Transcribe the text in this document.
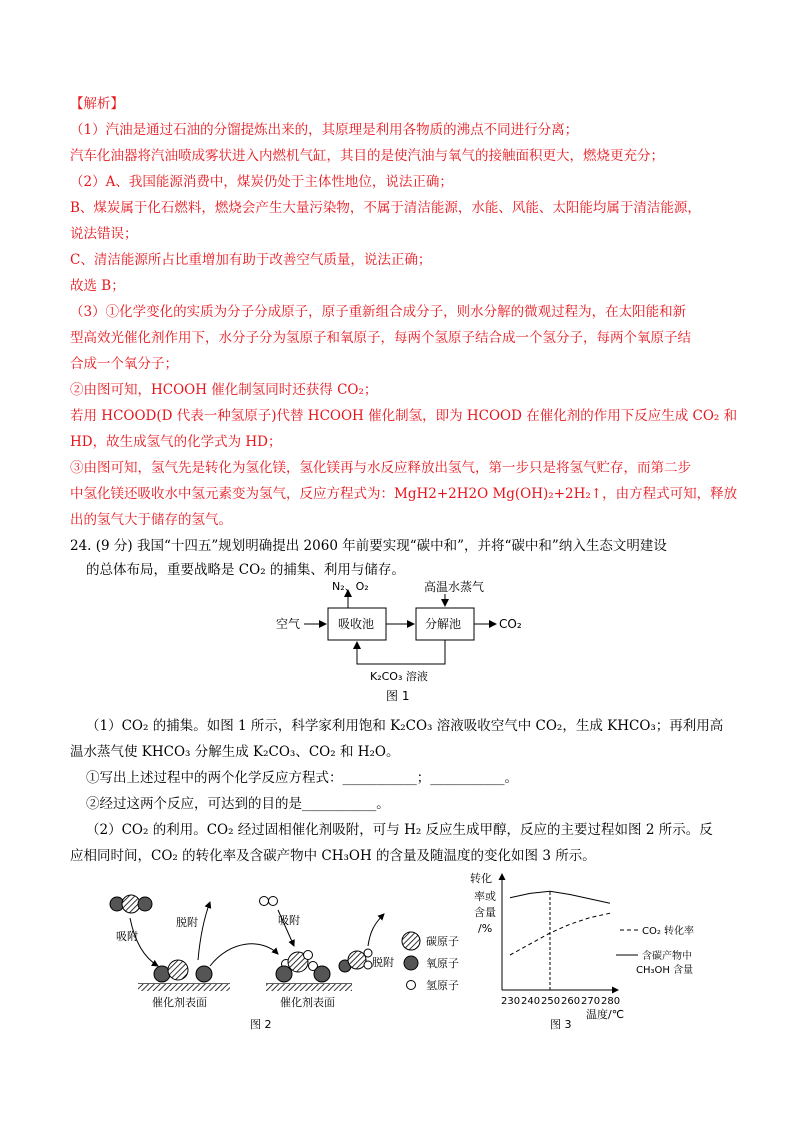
【解析】
（1）汽油是通过石油的分馏提炼出来的，其原理是利用各物质的沸点不同进行分离；
汽车化油器将汽油喷成雾状进入内燃机气缸，其目的是使汽油与氧气的接触面积更大，燃烧更充分；
（2）A、我国能源消费中，煤炭仍处于主体性地位，说法正确；
B、煤炭属于化石燃料，燃烧会产生大量污染物，不属于清洁能源，水能、风能、太阳能均属于清洁能源，
说法错误；
C、清洁能源所占比重增加有助于改善空气质量，说法正确；
故选 B；
（3）①化学变化的实质为分子分成原子，原子重新组合成分子，则水分解的微观过程为，在太阳能和新
型高效光催化剂作用下，水分子分为氢原子和氧原子，每两个氢原子结合成一个氢分子，每两个氧原子结
合成一个氧分子；
②由图可知，HCOOH 催化制氢同时还获得 CO₂；
若用 HCOOD(D 代表一种氢原子)代替 HCOOH 催化制氢，即为 HCOOD 在催化剂的作用下反应生成 CO₂ 和
HD，故生成氢气的化学式为 HD；
③由图可知，氢气先是转化为氢化镁，氢化镁再与水反应释放出氢气，第一步只是将氢气贮存，而第二步
中氢化镁还吸收水中氢元素变为氢气，反应方程式为：MgH2+2H2O Mg(OH)₂+2H₂↑，由方程式可知，释放
出的氢气大于储存的氢气。
24. (9 分) 我国“十四五”规划明确提出 2060 年前要实现“碳中和”，并将“碳中和”纳入生态文明建设
的总体布局，重要战略是 CO₂ 的捕集、利用与储存。
空气	吸收池	分解池	CO₂
N₂、O₂	高温水蒸气
K₂CO₃ 溶液
图 1
（1）CO₂ 的捕集。如图 1 所示，科学家利用饱和 K₂CO₃ 溶液吸收空气中 CO₂，生成 KHCO₃；再利用高
温水蒸气使 KHCO₃ 分解生成 K₂CO₃、CO₂ 和 H₂O。
①写出上述过程中的两个化学反应方程式：___________；___________。
②经过这两个反应，可达到的目的是___________。
（2）CO₂ 的利用。CO₂ 经过固相催化剂吸附，可与 H₂ 反应生成甲醇，反应的主要过程如图 2 所示。反
应相同时间，CO₂ 的转化率及含碳产物中 CH₃OH 的含量及随温度的变化如图 3 所示。
吸附
脱附
催化剂表面
吸附
催化剂表面
脱附
碳原子
氧原子
氢原子
图 2
转化
率或
含量
/%
230 240 250 260 270 280
CO₂ 转化率
含碳产物中
CH₃OH 含量
温度/℃
图 3
